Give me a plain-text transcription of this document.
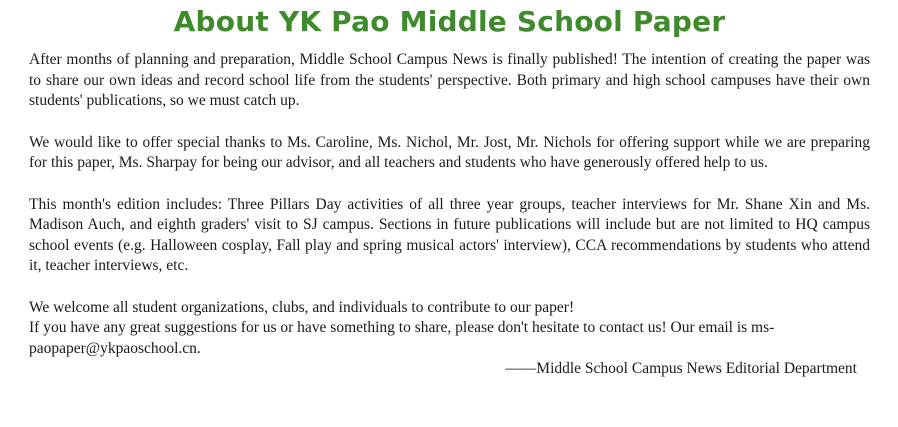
About YK Pao Middle School Paper

After months of planning and preparation, Middle School Campus News is finally published! The intention of creating the paper was to share our own ideas and record school life from the students' perspective. Both primary and high school campuses have their own students' publications, so we must catch up.

We would like to offer special thanks to Ms. Caroline, Ms. Nichol, Mr. Jost, Mr. Nichols for offering support while we are preparing for this paper, Ms. Sharpay for being our advisor, and all teachers and students who have generously offered help to us.

This month's edition includes: Three Pillars Day activities of all three year groups, teacher interviews for Mr. Shane Xin and Ms. Madison Auch, and eighth graders' visit to SJ campus. Sections in future publications will include but are not limited to HQ campus school events (e.g. Halloween cosplay, Fall play and spring musical actors' interview), CCA recommendations by students who attend it, teacher interviews, etc.

We welcome all student organizations, clubs, and individuals to contribute to our paper!
If you have any great suggestions for us or have something to share, please don't hesitate to contact us! Our email is ms-paopaper@ykpaoschool.cn.

——Middle School Campus News Editorial Department
